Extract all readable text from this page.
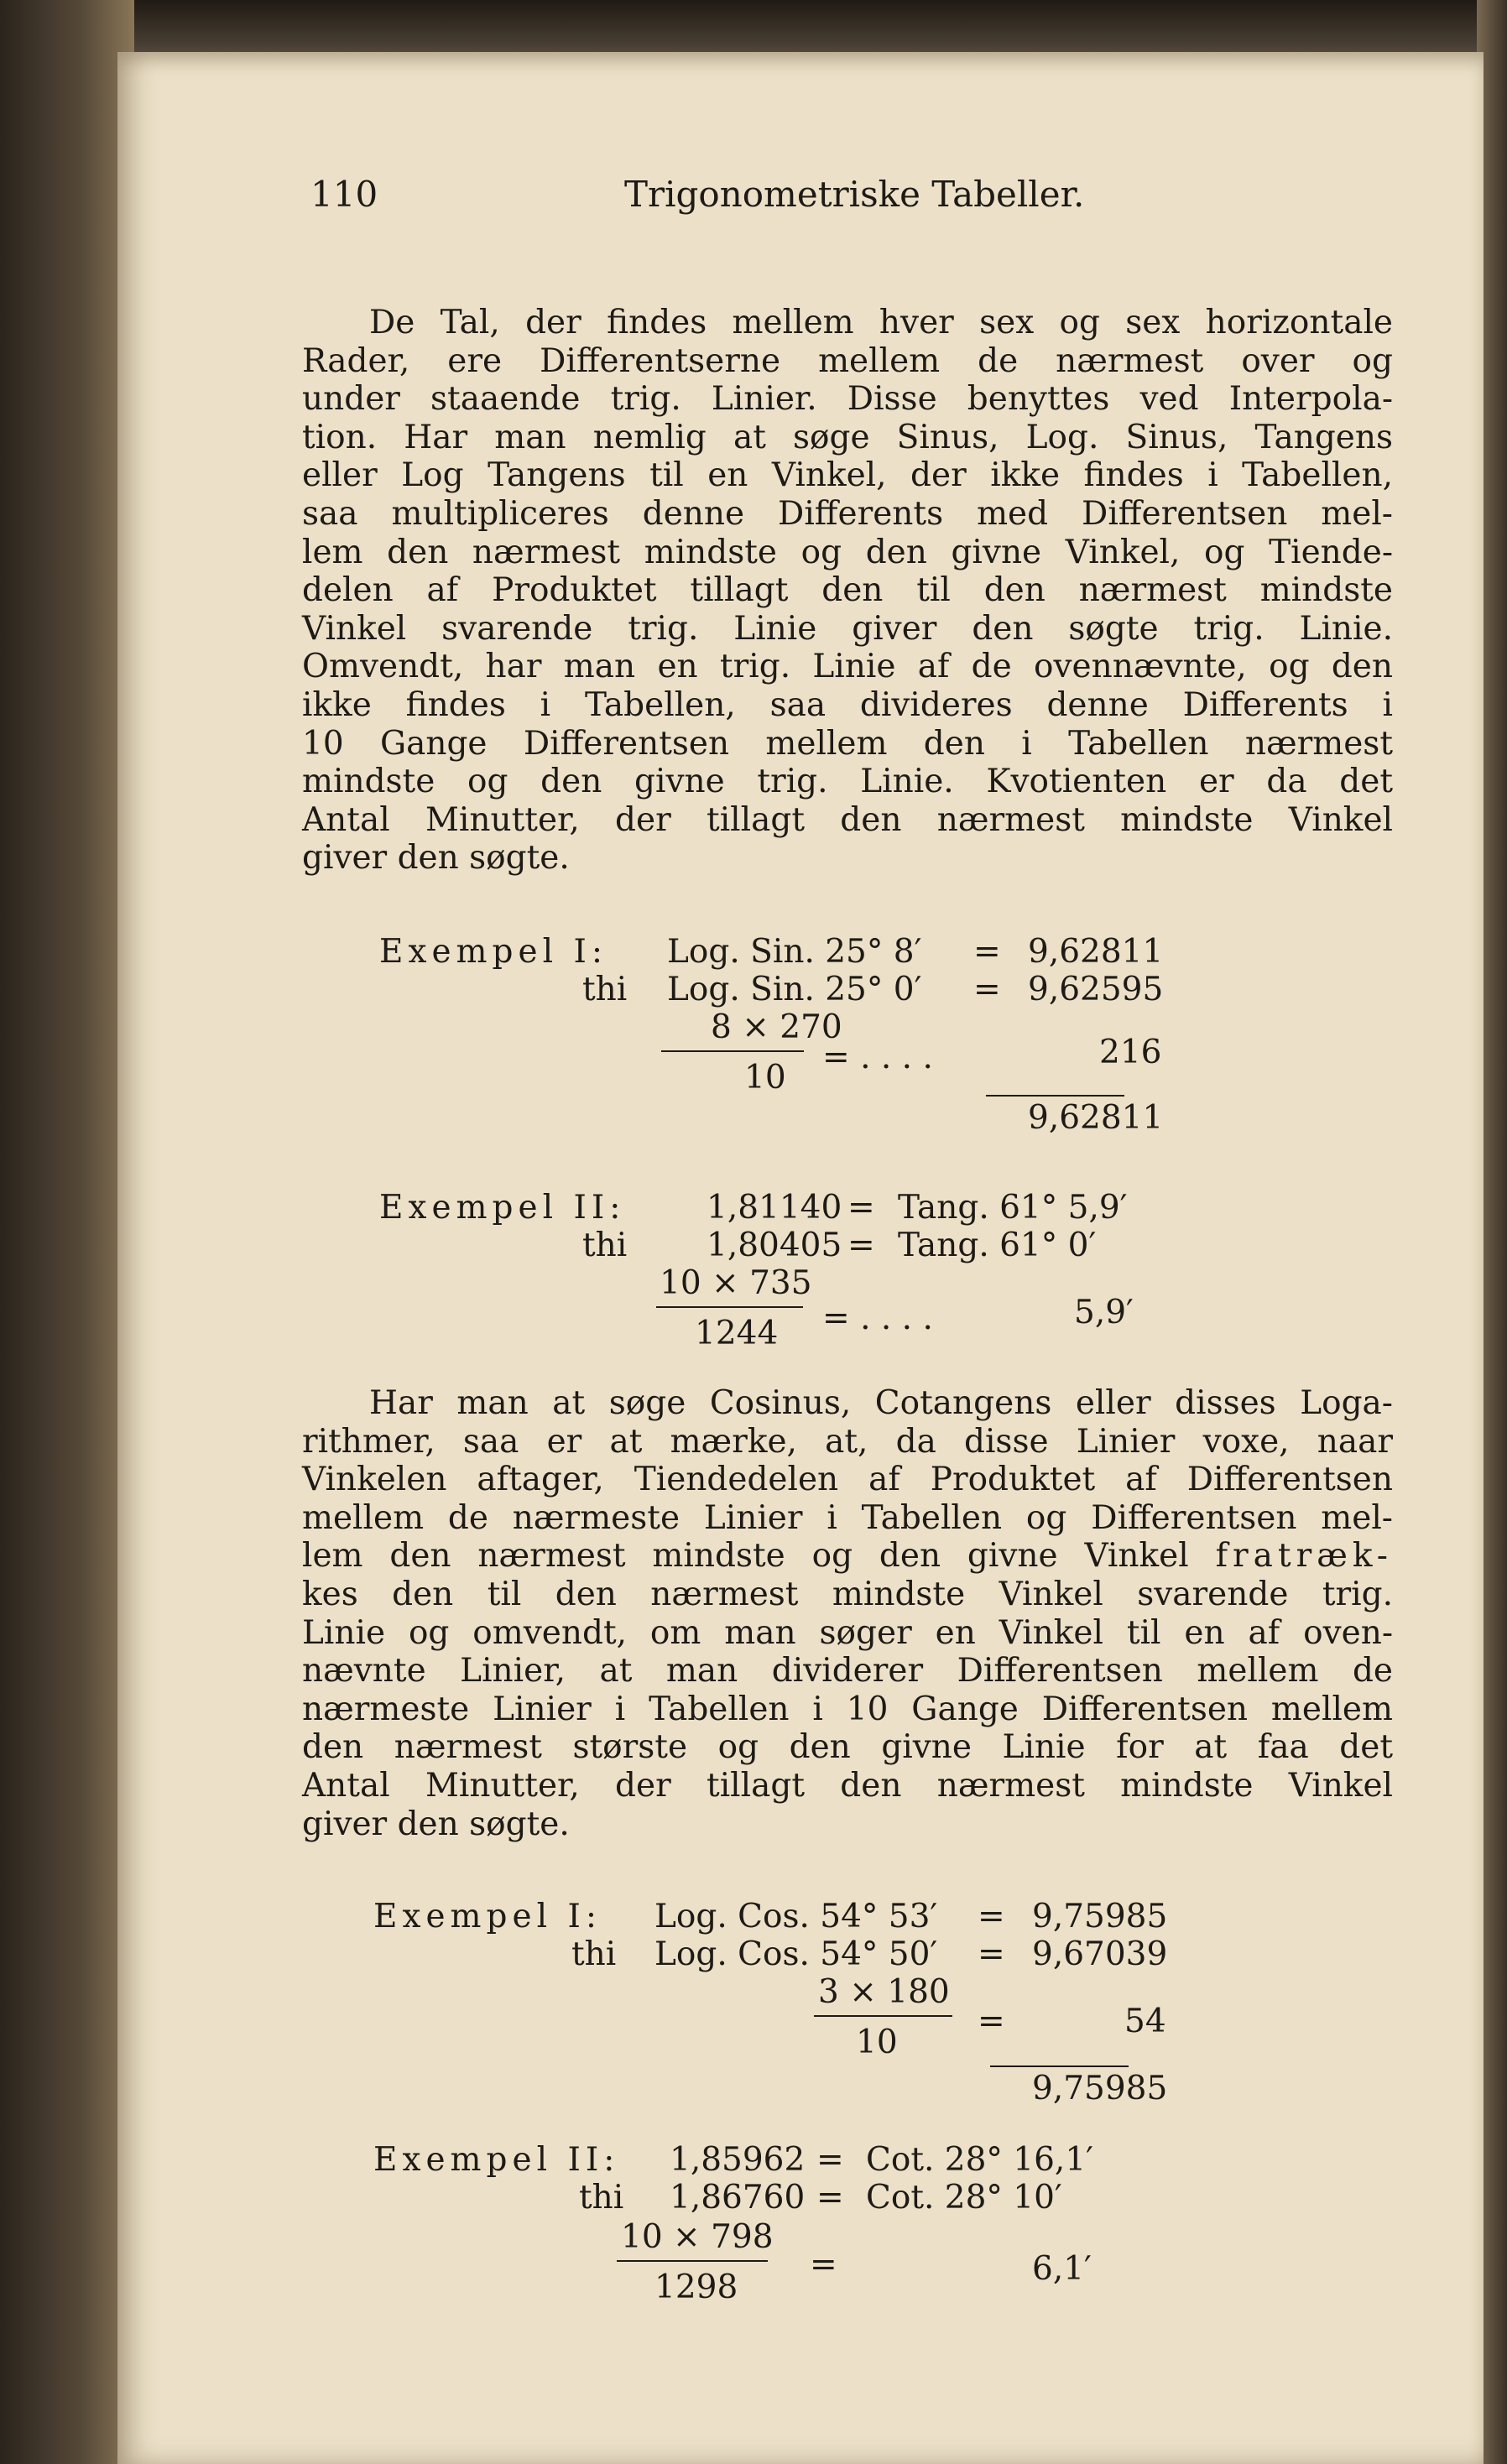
110	Trigonometriske Tabeller.
De Tal, der findes mellem hver sex og sex horizontale
Rader, ere Differentserne mellem de nærmest over og
under staaende trig. Linier. Disse benyttes ved Interpola-
tion. Har man nemlig at søge Sinus, Log. Sinus, Tangens
eller Log Tangens til en Vinkel, der ikke findes i Tabellen,
saa multipliceres denne Differents med Differentsen mel-
lem den nærmest mindste og den givne Vinkel, og Tiende-
delen af Produktet tillagt den til den nærmest mindste
Vinkel svarende trig. Linie giver den søgte trig. Linie.
Omvendt, har man en trig. Linie af de ovennævnte, og den
ikke findes i Tabellen, saa divideres denne Differents i
10 Gange Differentsen mellem den i Tabellen nærmest
mindste og den givne trig. Linie. Kvotienten er da det
Antal Minutter, der tillagt den nærmest mindste Vinkel
giver den søgte.
Exempel I: Log. Sin. 25° 8′ = 9,62811
thi Log. Sin. 25° 0′ = 9,62595
8 × 270
10
= . . . .	216
9,62811
Exempel II: 1,81140 = Tang. 61° 5,9′
thi 1,80405 = Tang. 61° 0′
10 × 735
1244 = . . . .	5,9′
Har man at søge Cosinus, Cotangens eller disses Loga-
rithmer, saa er at mærke, at, da disse Linier voxe, naar
Vinkelen aftager, Tiendedelen af Produktet af Differentsen
mellem de nærmeste Linier i Tabellen og Differentsen mel-
lem den nærmest mindste og den givne Vinkel fratræk-
kes den til den nærmest mindste Vinkel svarende trig.
Linie og omvendt, om man søger en Vinkel til en af oven-
nævnte Linier, at man dividerer Differentsen mellem de
nærmeste Linier i Tabellen i 10 Gange Differentsen mellem
den nærmest største og den givne Linie for at faa det
Antal Minutter, der tillagt den nærmest mindste Vinkel
giver den søgte.
Exempel I: Log. Cos. 54° 53′ = 9,75985
thi Log. Cos. 54° 50′ = 9,67039
3 × 180
10
=	54
9,75985
Exempel II: 1,85962 = Cot. 28° 16,1′
thi 1,86760 = Cot. 28° 10′
10 × 798
1298
=	6,1′
